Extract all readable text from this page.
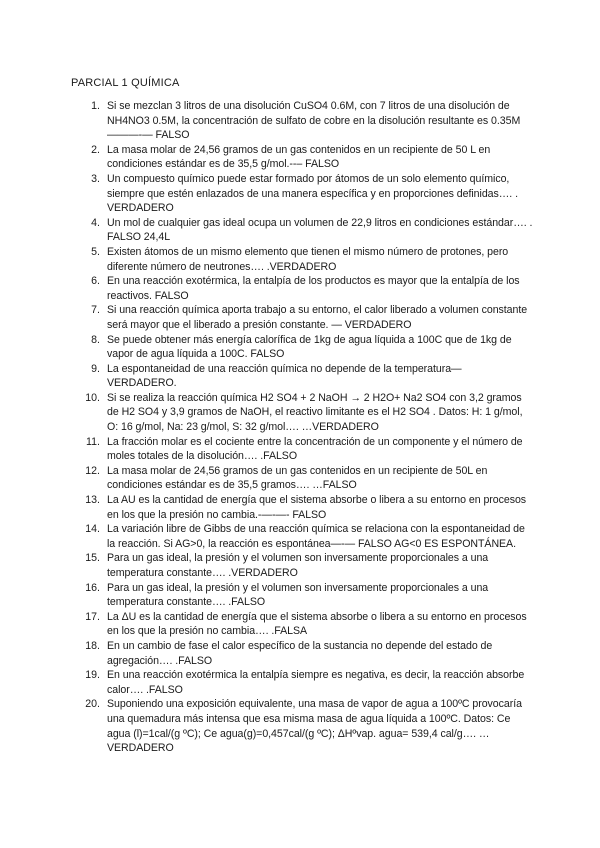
PARCIAL 1 QUÍMICA
1. Si se mezclan 3 litros de una disolución CuSO4 0.6M, con 7 litros de una disolución de NH4NO3 0.5M, la concentración de sulfato de cobre en la disolución resultante es 0.35M———-— FALSO
2. La masa molar de 24,56 gramos de un gas contenidos en un recipiente de 50 L en condiciones estándar es de 35,5 g/mol.--– FALSO
3. Un compuesto químico puede estar formado por átomos de un solo elemento químico, siempre que estén enlazados de una manera específica y en proporciones definidas…. . VERDADERO
4. Un mol de cualquier gas ideal ocupa un volumen de 22,9 litros en condiciones estándar…. . FALSO 24,4L
5. Existen átomos de un mismo elemento que tienen el mismo número de protones, pero diferente número de neutrones…. .VERDADERO
6. En una reacción exotérmica, la entalpía de los productos es mayor que la entalpía de los reactivos. FALSO
7. Si una reacción química aporta trabajo a su entorno, el calor liberado a volumen constante será mayor que el liberado a presión constante. — VERDADERO
8. Se puede obtener más energía calorífica de 1kg de agua líquida a 100C que de 1kg de vapor de agua líquida a 100C. FALSO
9. La espontaneidad de una reacción química no depende de la temperatura— VERDADERO.
10. Si se realiza la reacción química H2 SO4 + 2 NaOH → 2 H2O+ Na2 SO4 con 3,2 gramos de H2 SO4 y 3,9 gramos de NaOH, el reactivo limitante es el H2 SO4 . Datos: H: 1 g/mol, O: 16 g/mol, Na: 23 g/mol, S: 32 g/mol…. …VERDADERO
11. La fracción molar es el cociente entre la concentración de un componente y el número de moles totales de la disolución…. .FALSO
12. La masa molar de 24,56 gramos de un gas contenidos en un recipiente de 50L en condiciones estándar es de 35,5 gramos…. …FALSO
13. La AU es la cantidad de energía que el sistema absorbe o libera a su entorno en procesos en los que la presión no cambia.-—-—- FALSO
14. La variación libre de Gibbs de una reacción química se relaciona con la espontaneidad de la reacción. Si AG>0, la reacción es espontánea—-— FALSO AG<0 ES ESPONTÁNEA.
15. Para un gas ideal, la presión y el volumen son inversamente proporcionales a una temperatura constante…. .VERDADERO
16. Para un gas ideal, la presión y el volumen son inversamente proporcionales a una temperatura constante…. .FALSO
17. La ΔU es la cantidad de energía que el sistema absorbe o libera a su entorno en procesos en los que la presión no cambia…. .FALSA
18. En un cambio de fase el calor específico de la sustancia no depende del estado de agregación…. .FALSO
19. En una reacción exotérmica la entalpía siempre es negativa, es decir, la reacción absorbe calor…. .FALSO
20. Suponiendo una exposición equivalente, una masa de vapor de agua a 100ºC provocaría una quemadura más intensa que esa misma masa de agua líquida a 100ºC. Datos: Ce agua (l)=1cal/(g ºC); Ce agua(g)=0,457cal/(g ºC); ΔHºvap. agua= 539,4 cal/g…. …VERDADERO
